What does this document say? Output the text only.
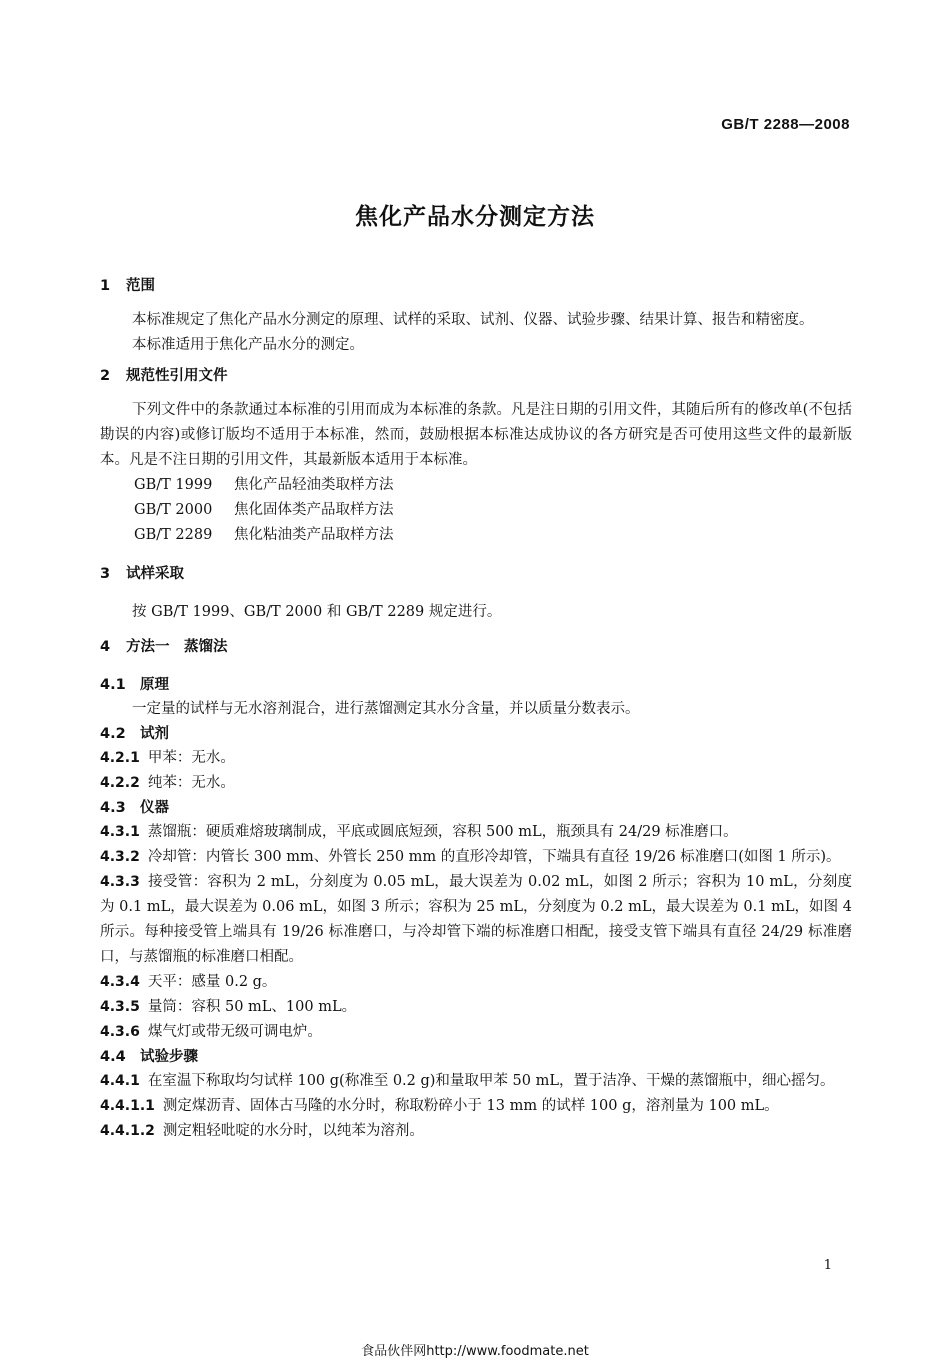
GB/T 2288—2008
焦化产品水分测定方法
1 范围
本标准规定了焦化产品水分测定的原理、试样的采取、试剂、仪器、试验步骤、结果计算、报告和精密度。
本标准适用于焦化产品水分的测定。
2 规范性引用文件
下列文件中的条款通过本标准的引用而成为本标准的条款。凡是注日期的引用文件，其随后所有的修改单(不包括勘误的内容)或修订版均不适用于本标准，然而，鼓励根据本标准达成协议的各方研究是否可使用这些文件的最新版本。凡是不注日期的引用文件，其最新版本适用于本标准。
GB/T 1999 焦化产品轻油类取样方法
GB/T 2000 焦化固体类产品取样方法
GB/T 2289 焦化粘油类产品取样方法
3 试样采取
按 GB/T 1999、GB/T 2000 和 GB/T 2289 规定进行。
4 方法一　蒸馏法
4.1 原理
一定量的试样与无水溶剂混合，进行蒸馏测定其水分含量，并以质量分数表示。
4.2 试剂
4.2.1 甲苯：无水。
4.2.2 纯苯：无水。
4.3 仪器
4.3.1 蒸馏瓶：硬质难熔玻璃制成，平底或圆底短颈，容积 500 mL，瓶颈具有 24/29 标准磨口。
4.3.2 冷却管：内管长 300 mm、外管长 250 mm 的直形冷却管，下端具有直径 19/26 标准磨口(如图 1 所示)。
4.3.3 接受管：容积为 2 mL，分刻度为 0.05 mL，最大误差为 0.02 mL，如图 2 所示；容积为 10 mL，分刻度为 0.1 mL，最大误差为 0.06 mL，如图 3 所示；容积为 25 mL，分刻度为 0.2 mL，最大误差为 0.1 mL，如图 4 所示。每种接受管上端具有 19/26 标准磨口，与冷却管下端的标准磨口相配，接受支管下端具有直径 24/29 标准磨口，与蒸馏瓶的标准磨口相配。
4.3.4 天平：感量 0.2 g。
4.3.5 量筒：容积 50 mL、100 mL。
4.3.6 煤气灯或带无级可调电炉。
4.4 试验步骤
4.4.1 在室温下称取均匀试样 100 g(称准至 0.2 g)和量取甲苯 50 mL，置于洁净、干燥的蒸馏瓶中，细心摇匀。
4.4.1.1 测定煤沥青、固体古马隆的水分时，称取粉碎小于 13 mm 的试样 100 g，溶剂量为 100 mL。
4.4.1.2 测定粗轻吡啶的水分时，以纯苯为溶剂。
1
食品伙伴网http://www.foodmate.net
